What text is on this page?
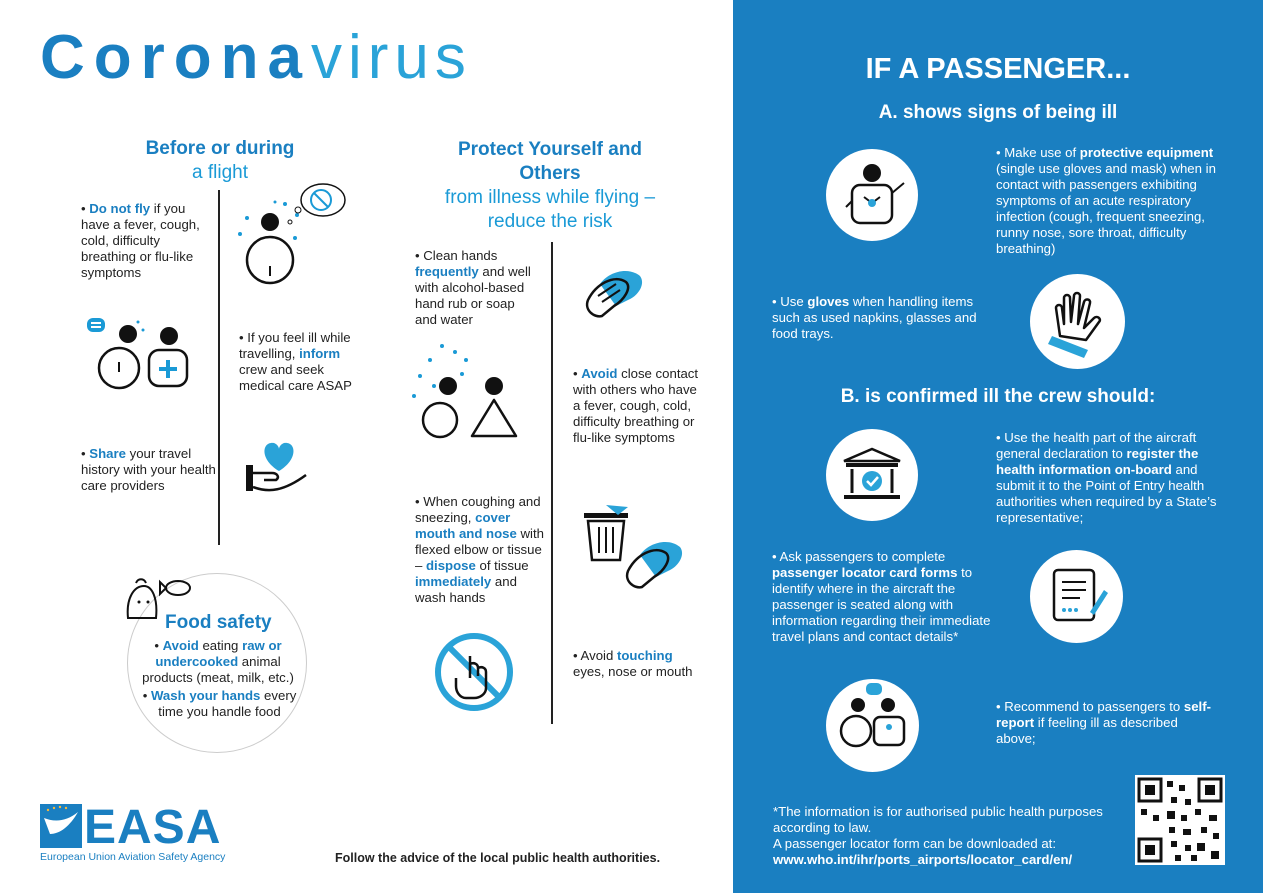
Coronavirus
Before or during
a flight
• Do not fly if you have a fever, cough, cold, difficulty breathing or flu-like symptoms
• If you feel ill while travelling, inform crew and seek medical care ASAP
• Share your travel history with your health care providers
Food safety
• Avoid eating raw or undercooked animal products (meat, milk, etc.)
• Wash your hands every time you handle food
Protect Yourself and Others
from illness while flying – reduce the risk
• Clean hands frequently and well with alcohol-based hand rub or soap and water
• Avoid close contact with others who have a fever, cough, cold, difficulty breathing or flu-like symptoms
• When coughing and sneezing, cover mouth and nose with flexed elbow or tissue – dispose of tissue immediately and wash hands
• Avoid touching eyes, nose or mouth
EASA
European Union Aviation Safety Agency	Follow the advice of the local public health authorities.
IF A PASSENGER...
A. shows signs of being ill
• Make use of protective equipment (single use gloves and mask) when in contact with passengers exhibiting symptoms of an acute respiratory infection (cough, frequent sneezing, runny nose, sore throat, difficulty breathing)
• Use gloves when handling items such as used napkins, glasses and food trays.
B. is confirmed ill the crew should:
• Use the health part of the aircraft general declaration to register the health information on-board and submit it to the Point of Entry health authorities when required by a State’s representative;
• Ask passengers to complete passenger locator card forms to identify where in the aircraft the passenger is seated along with information regarding their immediate travel plans and contact details*
• Recommend to passengers to self-report if feeling ill as described above;
*The information is for authorised public health purposes according to law.
A passenger locator form can be downloaded at:
www.who.int/ihr/ports_airports/locator_card/en/
